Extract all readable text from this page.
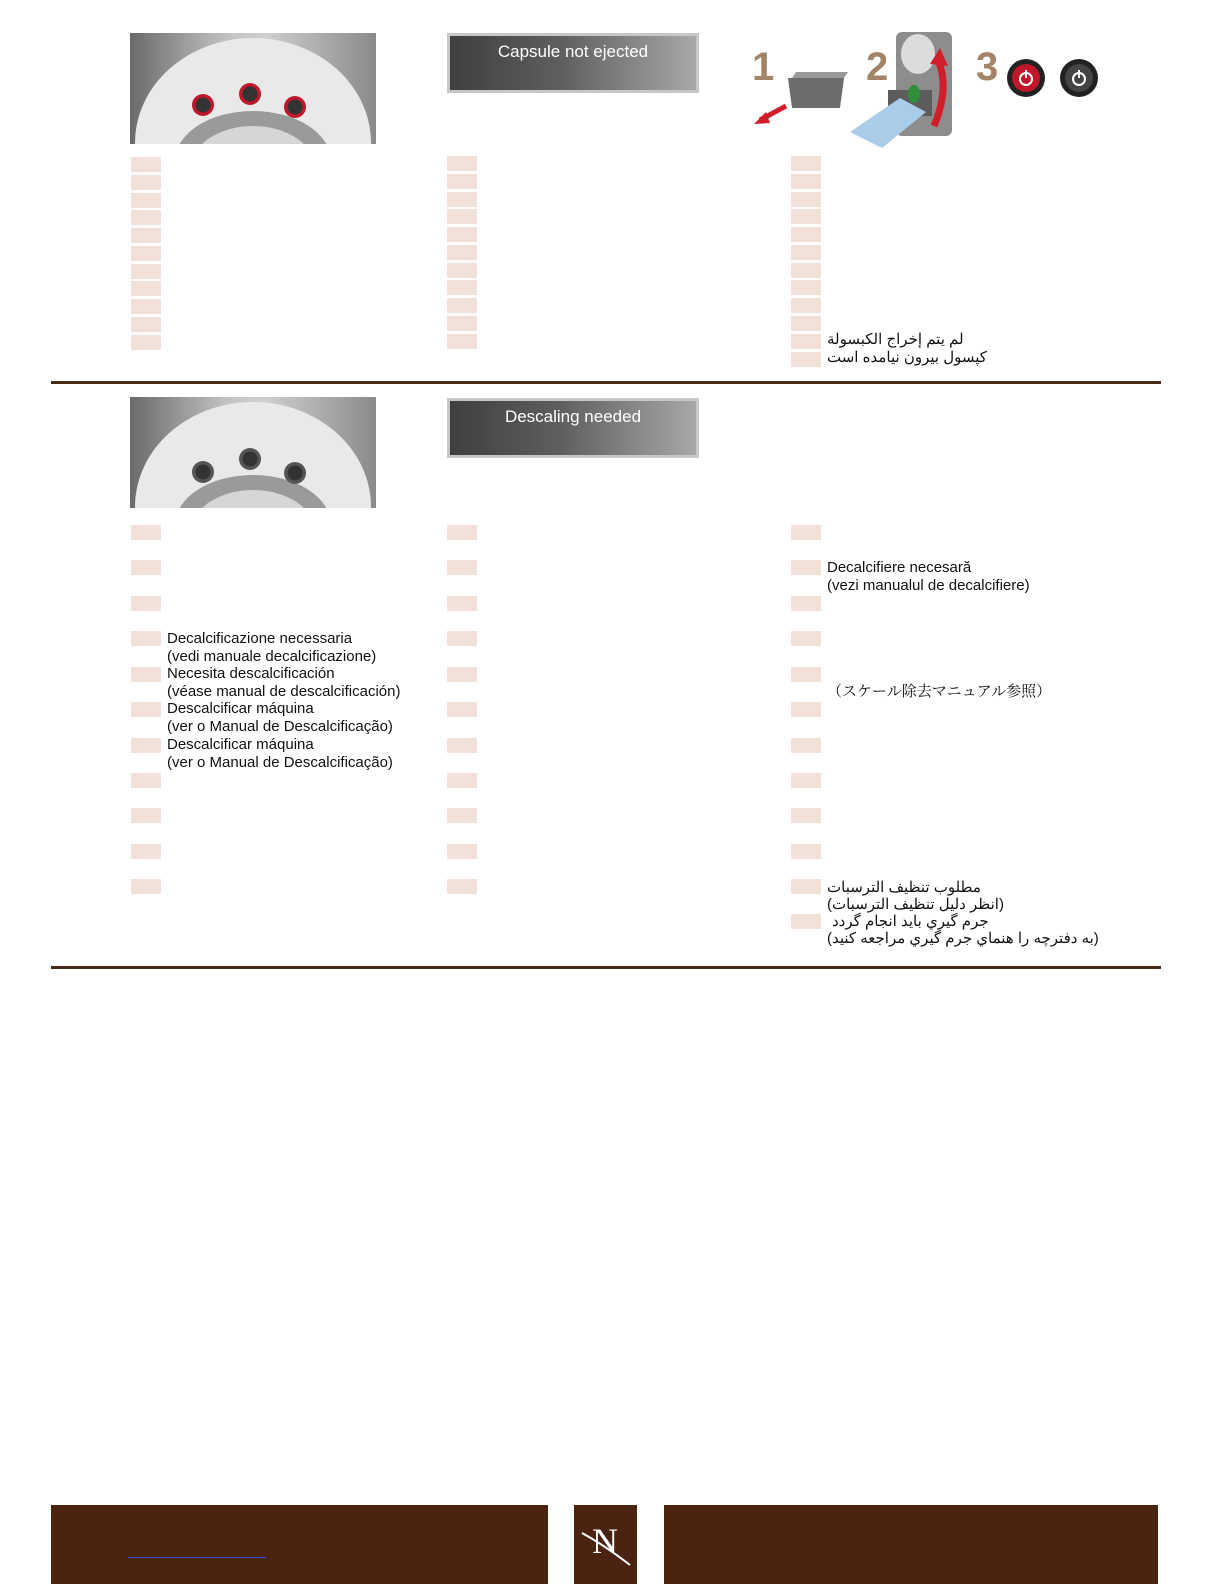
Capsule not ejected	1 2 3
لم يتم إخراج الكبسولة
کپسول بيرون نيامده است
Descaling needed
Decalcificazione necessaria
(vedi manuale decalcificazione)
Necesita descalcificación
(véase manual de descalcificación)
Descalcificar máquina
(ver o Manual de Descalcificação)
Descalcificar máquina
(ver o Manual de Descalcificação)
Decalcifiere necesară
(vezi manualul de decalcifiere)
（スケール除去マニュアル参照）
مطلوب تنظيف الترسبات
(انظر دليل تنظيف الترسبات)
جرم گيري بايد انجام گردد
(به دفترچه را هنماي جرم گيري مراجعه كنيد)
N
